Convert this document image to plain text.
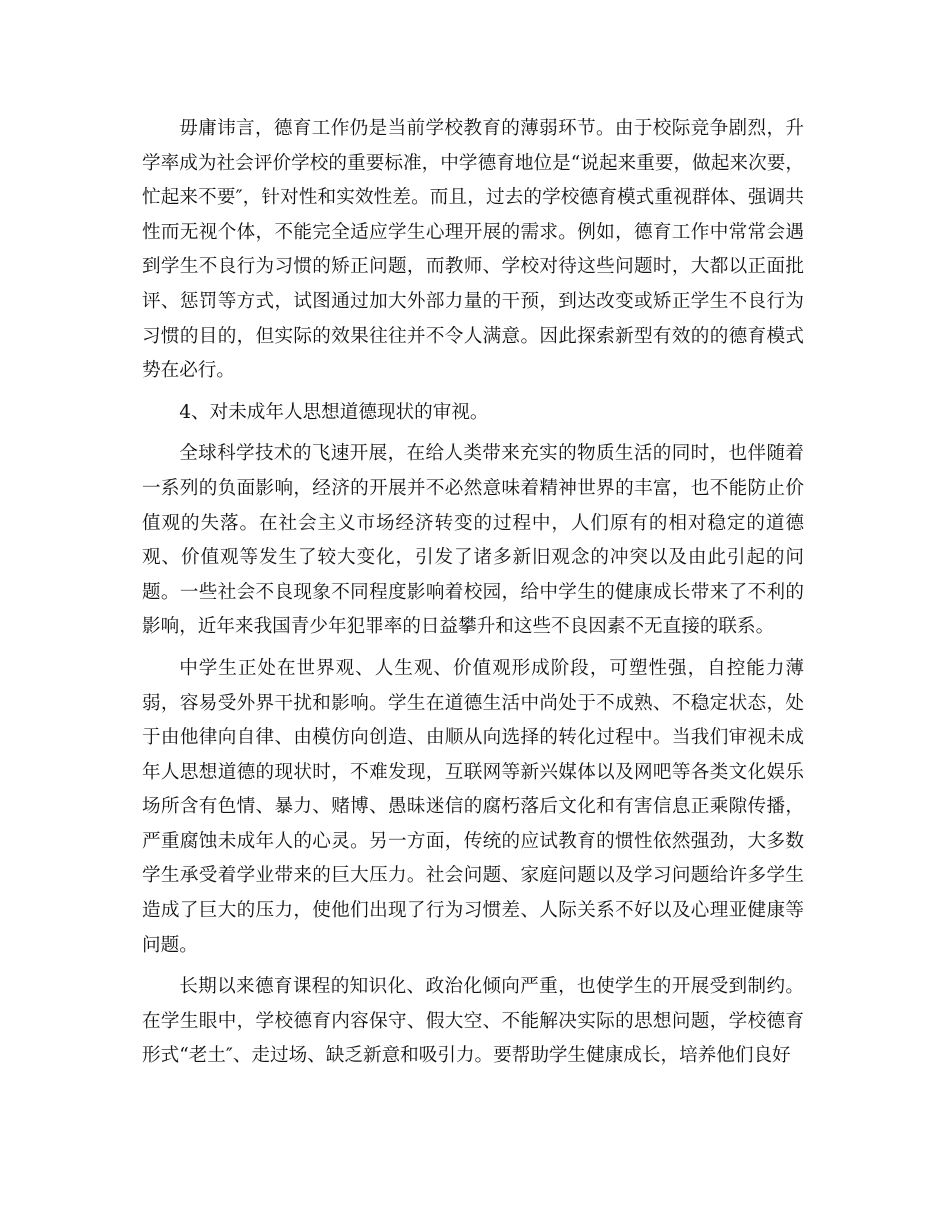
毋庸讳言，德育工作仍是当前学校教育的薄弱环节。由于校际竞争剧烈，升学率成为社会评价学校的重要标准，中学德育地位是“说起来重要，做起来次要，忙起来不要″，针对性和实效性差。而且，过去的学校德育模式重视群体、强调共性而无视个体，不能完全适应学生心理开展的需求。例如，德育工作中常常会遇到学生不良行为习惯的矫正问题，而教师、学校对待这些问题时，大都以正面批评、惩罚等方式，试图通过加大外部力量的干预，到达改变或矫正学生不良行为习惯的目的，但实际的效果往往并不令人满意。因此探索新型有效的的德育模式势在必行。

4、对未成年人思想道德现状的审视。

全球科学技术的飞速开展，在给人类带来充实的物质生活的同时，也伴随着一系列的负面影响，经济的开展并不必然意味着精神世界的丰富，也不能防止价值观的失落。在社会主义市场经济转变的过程中，人们原有的相对稳定的道德观、价值观等发生了较大变化，引发了诸多新旧观念的冲突以及由此引起的问题。一些社会不良现象不同程度影响着校园，给中学生的健康成长带来了不利的影响，近年来我国青少年犯罪率的日益攀升和这些不良因素不无直接的联系。

中学生正处在世界观、人生观、价值观形成阶段，可塑性强，自控能力薄弱，容易受外界干扰和影响。学生在道德生活中尚处于不成熟、不稳定状态，处于由他律向自律、由模仿向创造、由顺从向选择的转化过程中。当我们审视未成年人思想道德的现状时，不难发现，互联网等新兴媒体以及网吧等各类文化娱乐场所含有色情、暴力、赌博、愚昧迷信的腐朽落后文化和有害信息正乘隙传播，严重腐蚀未成年人的心灵。另一方面，传统的应试教育的惯性依然强劲，大多数学生承受着学业带来的巨大压力。社会问题、家庭问题以及学习问题给许多学生造成了巨大的压力，使他们出现了行为习惯差、人际关系不好以及心理亚健康等问题。

长期以来德育课程的知识化、政治化倾向严重，也使学生的开展受到制约。在学生眼中，学校德育内容保守、假大空、不能解决实际的思想问题，学校德育形式“老土″、走过场、缺乏新意和吸引力。要帮助学生健康成长，培养他们良好
